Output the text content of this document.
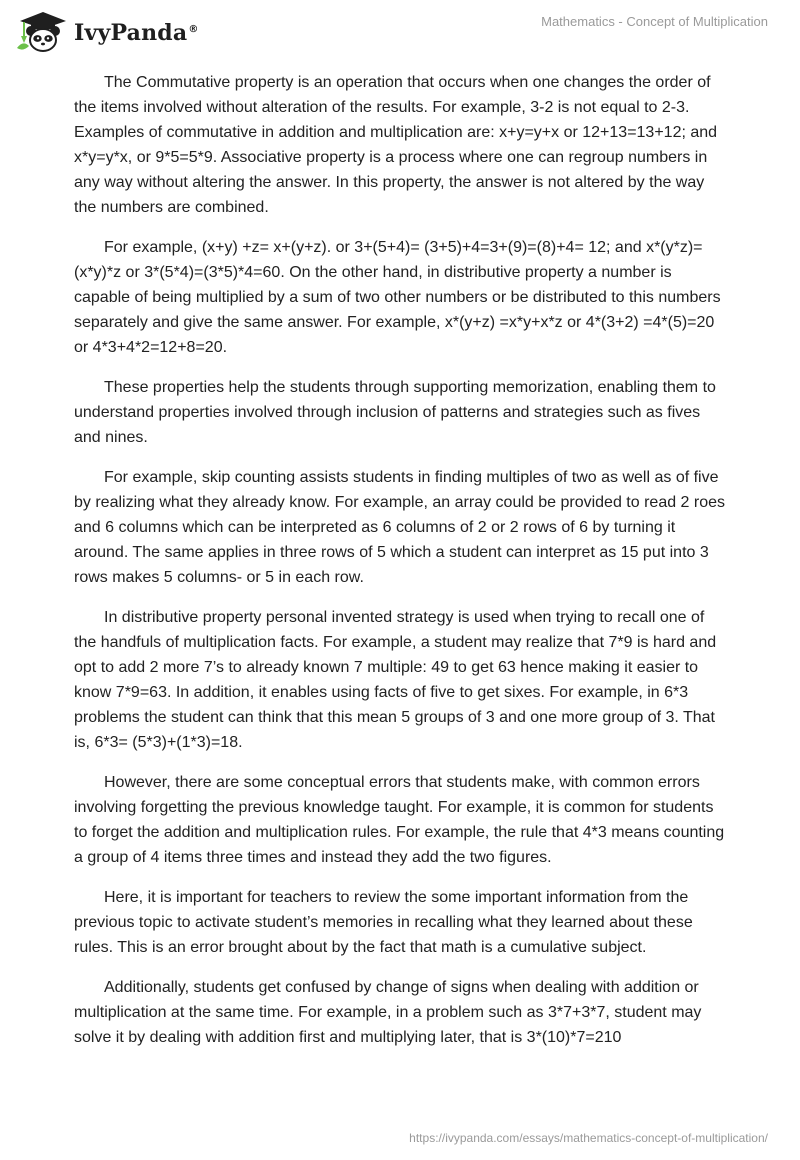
IvyPanda®
Mathematics - Concept of Multiplication

The Commutative property is an operation that occurs when one changes the order of the items involved without alteration of the results. For example, 3-2 is not equal to 2-3. Examples of commutative in addition and multiplication are: x+y=y+x or 12+13=13+12; and x*y=y*x, or 9*5=5*9. Associative property is a process where one can regroup numbers in any way without altering the answer. In this property, the answer is not altered by the way the numbers are combined.

For example, (x+y) +z= x+(y+z). or 3+(5+4)= (3+5)+4=3+(9)=(8)+4= 12; and x*(y*z)= (x*y)*z or 3*(5*4)=(3*5)*4=60. On the other hand, in distributive property a number is capable of being multiplied by a sum of two other numbers or be distributed to this numbers separately and give the same answer. For example, x*(y+z) =x*y+x*z or 4*(3+2) =4*(5)=20 or 4*3+4*2=12+8=20.

These properties help the students through supporting memorization, enabling them to understand properties involved through inclusion of patterns and strategies such as fives and nines.

For example, skip counting assists students in finding multiples of two as well as of five by realizing what they already know. For example, an array could be provided to read 2 roes and 6 columns which can be interpreted as 6 columns of 2 or 2 rows of 6 by turning it around. The same applies in three rows of 5 which a student can interpret as 15 put into 3 rows makes 5 columns- or 5 in each row.

In distributive property personal invented strategy is used when trying to recall one of the handfuls of multiplication facts. For example, a student may realize that 7*9 is hard and opt to add 2 more 7’s to already known 7 multiple: 49 to get 63 hence making it easier to know 7*9=63. In addition, it enables using facts of five to get sixes. For example, in 6*3 problems the student can think that this mean 5 groups of 3 and one more group of 3. That is, 6*3= (5*3)+(1*3)=18.

However, there are some conceptual errors that students make, with common errors involving forgetting the previous knowledge taught. For example, it is common for students to forget the addition and multiplication rules. For example, the rule that 4*3 means counting a group of 4 items three times and instead they add the two figures.

Here, it is important for teachers to review the some important information from the previous topic to activate student’s memories in recalling what they learned about these rules. This is an error brought about by the fact that math is a cumulative subject.

Additionally, students get confused by change of signs when dealing with addition or multiplication at the same time. For example, in a problem such as 3*7+3*7, student may solve it by dealing with addition first and multiplying later, that is 3*(10)*7=210

https://ivypanda.com/essays/mathematics-concept-of-multiplication/
